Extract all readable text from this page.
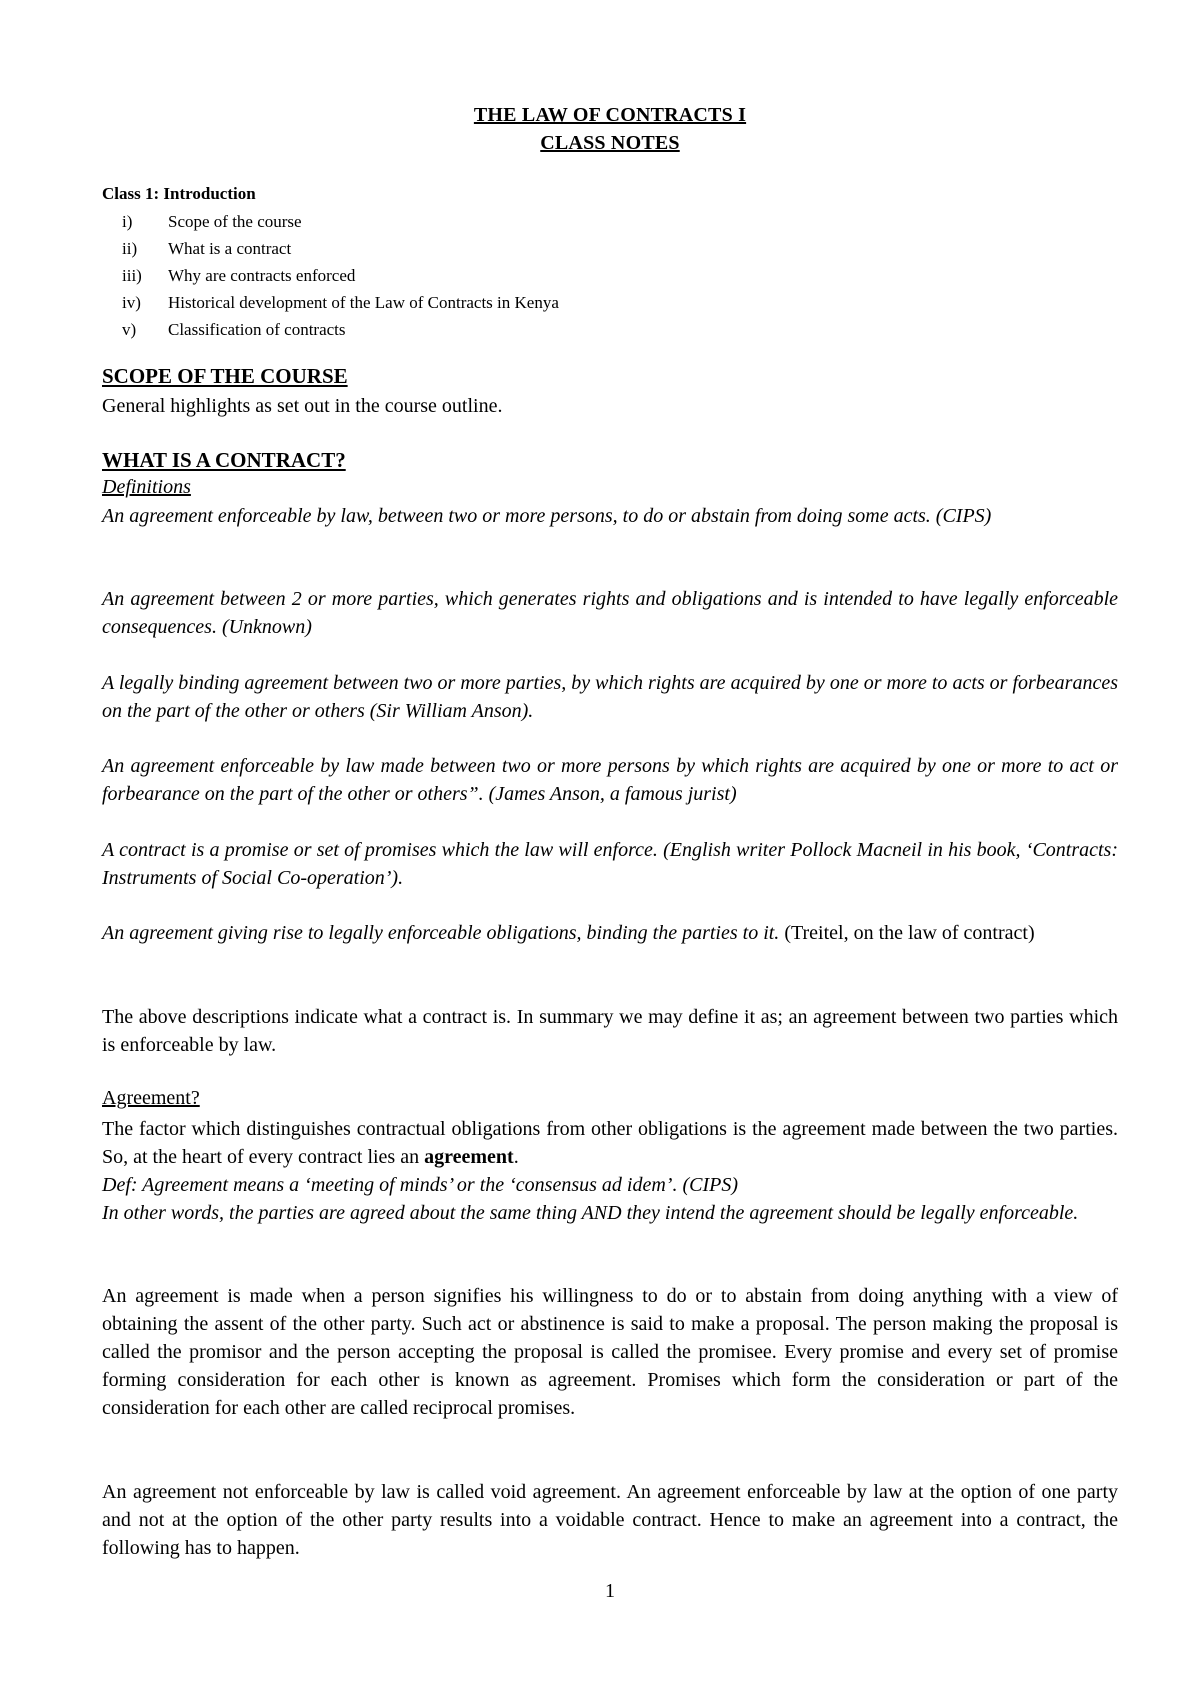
THE LAW OF CONTRACTS I
CLASS NOTES
Class 1: Introduction
i) Scope of the course
ii) What is a contract
iii) Why are contracts enforced
iv) Historical development of the Law of Contracts in Kenya
v) Classification of contracts
SCOPE OF THE COURSE

General highlights as set out in the course outline.

WHAT IS A CONTRACT?
Definitions

An agreement enforceable by law, between two or more persons, to do or abstain from doing some acts. (CIPS)

An agreement between 2 or more parties, which generates rights and obligations and is intended to have legally enforceable consequences. (Unknown)

A legally binding agreement between two or more parties, by which rights are acquired by one or more to acts or forbearances on the part of the other or others (Sir William Anson).

An agreement enforceable by law made between two or more persons by which rights are acquired by one or more to act or forbearance on the part of the other or others”. (James Anson, a famous jurist)

A contract is a promise or set of promises which the law will enforce. (English writer Pollock Macneil in his book, ‘Contracts: Instruments of Social Co-operation’).

An agreement giving rise to legally enforceable obligations, binding the parties to it. (Treitel, on the law of contract)

The above descriptions indicate what a contract is. In summary we may define it as; an agreement between two parties which is enforceable by law.

Agreement?

The factor which distinguishes contractual obligations from other obligations is the agreement made between the two parties. So, at the heart of every contract lies an agreement.

Def: Agreement means a ‘meeting of minds’ or the ‘consensus ad idem’. (CIPS)

In other words, the parties are agreed about the same thing AND they intend the agreement should be legally enforceable.

An agreement is made when a person signifies his willingness to do or to abstain from doing anything with a view of obtaining the assent of the other party. Such act or abstinence is said to make a proposal. The person making the proposal is called the promisor and the person accepting the proposal is called the promisee. Every promise and every set of promise forming consideration for each other is known as agreement. Promises which form the consideration or part of the consideration for each other are called reciprocal promises.

An agreement not enforceable by law is called void agreement. An agreement enforceable by law at the option of one party and not at the option of the other party results into a voidable contract. Hence to make an agreement into a contract, the following has to happen.

1
